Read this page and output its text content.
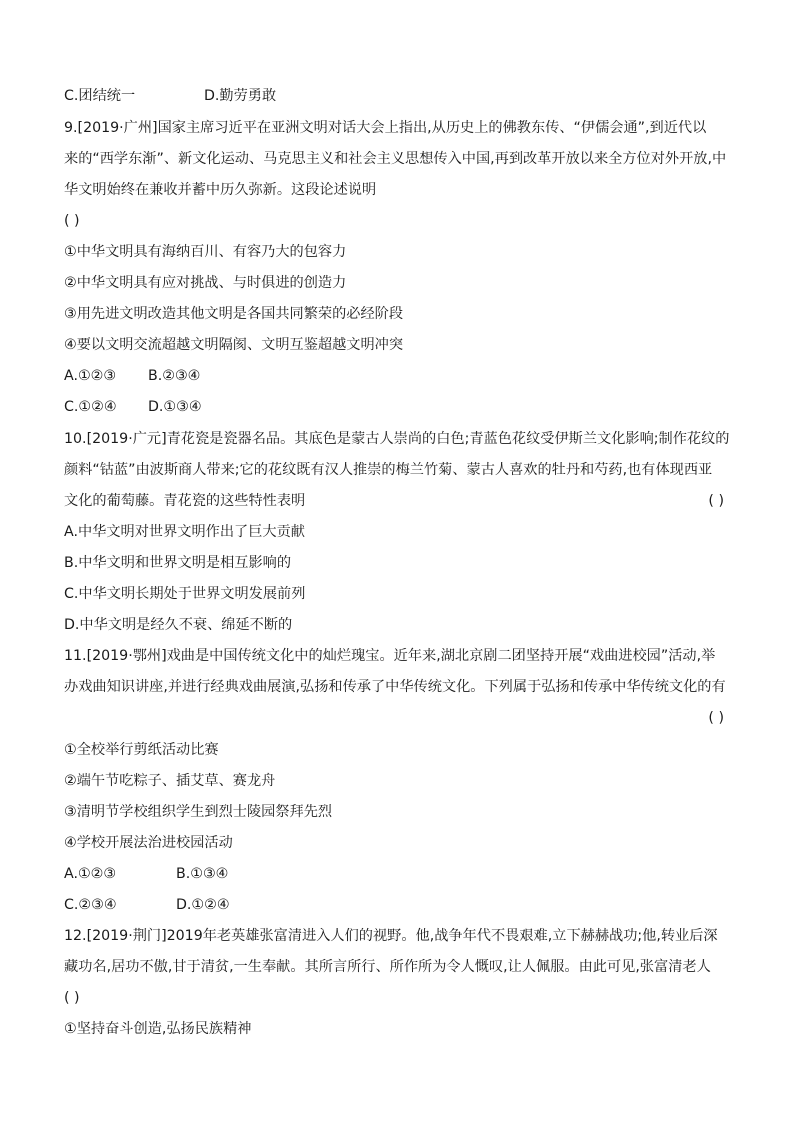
C.团结统一	D.勤劳勇敢
9.[2019·广州]国家主席习近平在亚洲文明对话大会上指出,从历史上的佛教东传、“伊儒会通”,到近代以
来的“西学东渐”、新文化运动、马克思主义和社会主义思想传入中国,再到改革开放以来全方位对外开放,中
华文明始终在兼收并蓄中历久弥新。这段论述说明
( )
①中华文明具有海纳百川、有容乃大的包容力
②中华文明具有应对挑战、与时俱进的创造力
③用先进文明改造其他文明是各国共同繁荣的必经阶段
④要以文明交流超越文明隔阂、文明互鉴超越文明冲突
A.①②③ B.②③④
C.①②④ D.①③④
10.[2019·广元]青花瓷是瓷器名品。其底色是蒙古人崇尚的白色;青蓝色花纹受伊斯兰文化影响;制作花纹的
颜料“钴蓝”由波斯商人带来;它的花纹既有汉人推崇的梅兰竹菊、蒙古人喜欢的牡丹和芍药,也有体现西亚
文化的葡萄藤。青花瓷的这些特性表明	( )
A.中华文明对世界文明作出了巨大贡献
B.中华文明和世界文明是相互影响的
C.中华文明长期处于世界文明发展前列
D.中华文明是经久不衰、绵延不断的
11.[2019·鄂州]戏曲是中国传统文化中的灿烂瑰宝。近年来,湖北京剧二团坚持开展“戏曲进校园”活动,举
办戏曲知识讲座,并进行经典戏曲展演,弘扬和传承了中华传统文化。下列属于弘扬和传承中华传统文化的有
( )
①全校举行剪纸活动比赛
②端午节吃粽子、插艾草、赛龙舟
③清明节学校组织学生到烈士陵园祭拜先烈
④学校开展法治进校园活动
A.①②③	B.①③④
C.②③④	D.①②④
12.[2019·荆门]2019年老英雄张富清进入人们的视野。他,战争年代不畏艰难,立下赫赫战功;他,转业后深
藏功名,居功不傲,甘于清贫,一生奉献。其所言所行、所作所为令人慨叹,让人佩服。由此可见,张富清老人
( )
①坚持奋斗创造,弘扬民族精神
